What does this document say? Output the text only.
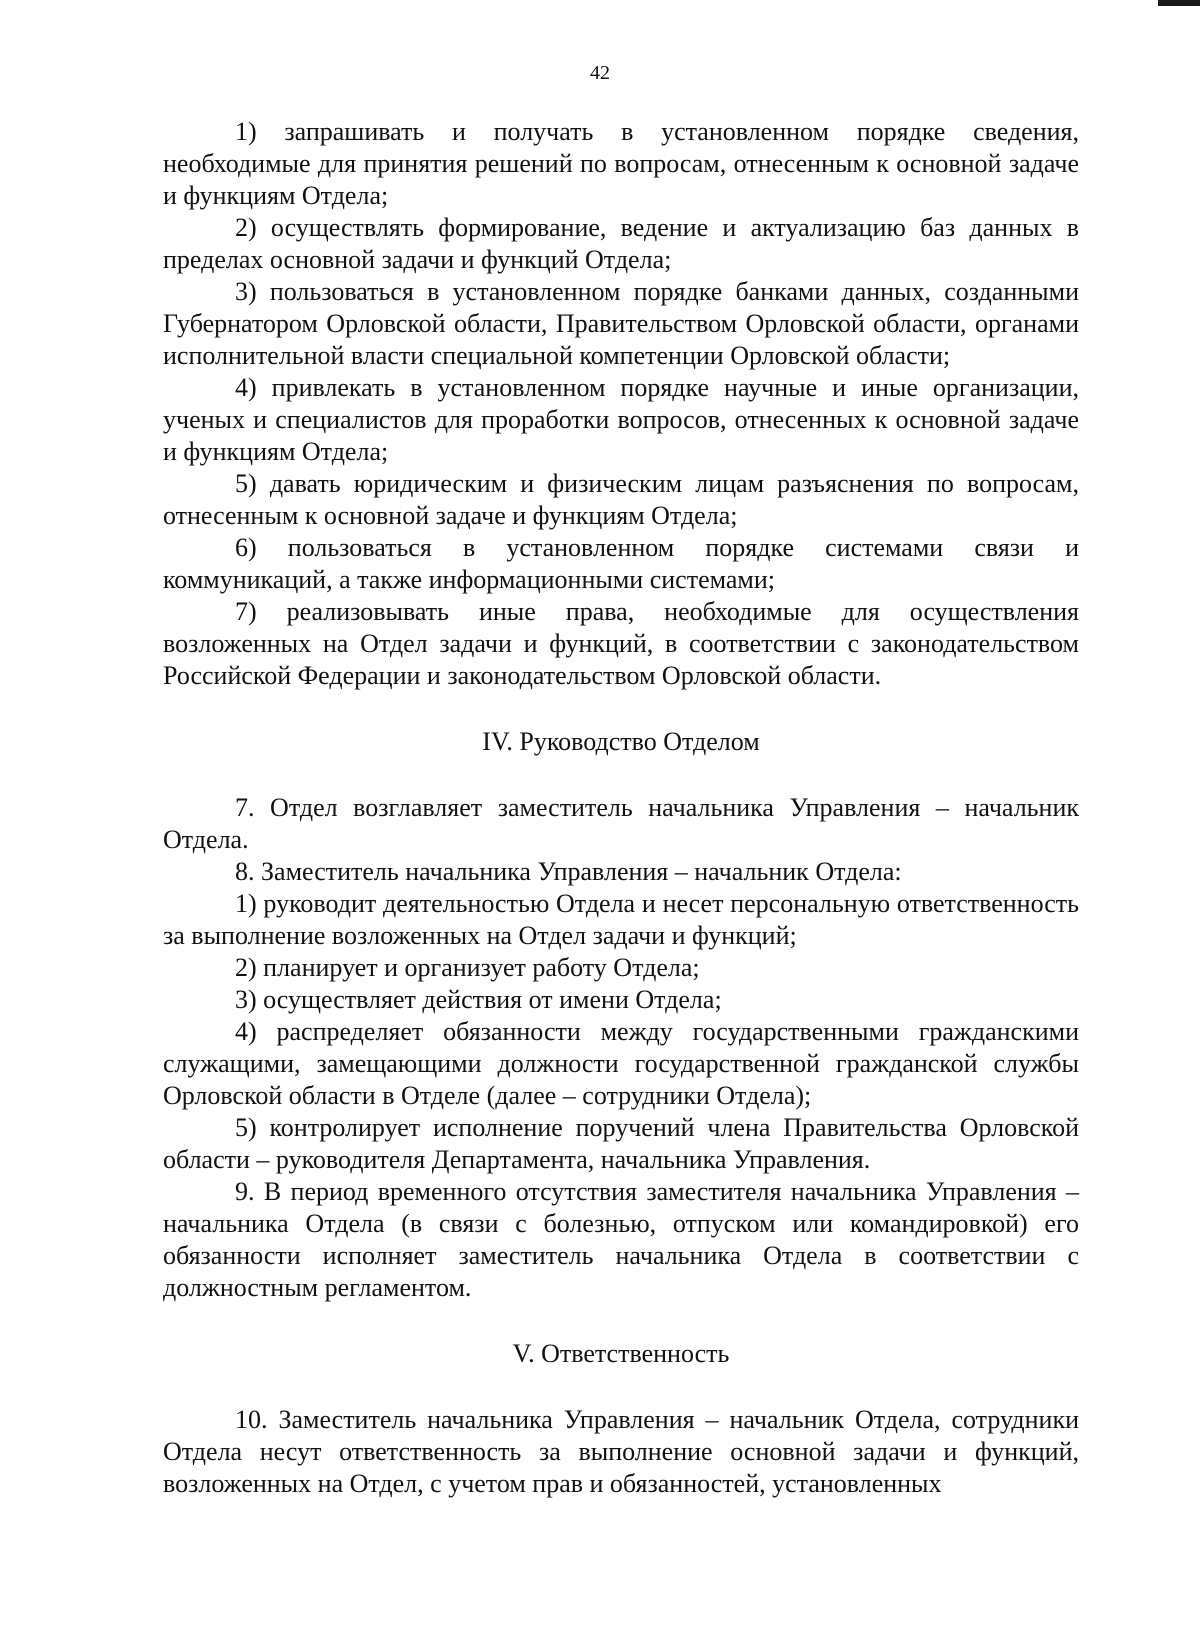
42

1) запрашивать и получать в установленном порядке сведения, необходимые для принятия решений по вопросам, отнесенным к основной задаче и функциям Отдела;

2) осуществлять формирование, ведение и актуализацию баз данных в пределах основной задачи и функций Отдела;

3) пользоваться в установленном порядке банками данных, созданными Губернатором Орловской области, Правительством Орловской области, органами исполнительной власти специальной компетенции Орловской области;

4) привлекать в установленном порядке научные и иные организации, ученых и специалистов для проработки вопросов, отнесенных к основной задаче и функциям Отдела;

5) давать юридическим и физическим лицам разъяснения по вопросам, отнесенным к основной задаче и функциям Отдела;

6) пользоваться в установленном порядке системами связи и коммуникаций, а также информационными системами;

7) реализовывать иные права, необходимые для осуществления возложенных на Отдел задачи и функций, в соответствии с законодательством Российской Федерации и законодательством Орловской области.

IV. Руководство Отделом

7. Отдел возглавляет заместитель начальника Управления – начальник Отдела.

8. Заместитель начальника Управления – начальник Отдела:

1) руководит деятельностью Отдела и несет персональную ответственность за выполнение возложенных на Отдел задачи и функций;

2) планирует и организует работу Отдела;

3) осуществляет действия от имени Отдела;

4) распределяет обязанности между государственными гражданскими служащими, замещающими должности государственной гражданской службы Орловской области в Отделе (далее – сотрудники Отдела);

5) контролирует исполнение поручений члена Правительства Орловской области – руководителя Департамента, начальника Управления.

9. В период временного отсутствия заместителя начальника Управления – начальника Отдела (в связи с болезнью, отпуском или командировкой) его обязанности исполняет заместитель начальника Отдела в соответствии с должностным регламентом.

V. Ответственность

10. Заместитель начальника Управления – начальник Отдела, сотрудники Отдела несут ответственность за выполнение основной задачи и функций, возложенных на Отдел, с учетом прав и обязанностей, установленных
